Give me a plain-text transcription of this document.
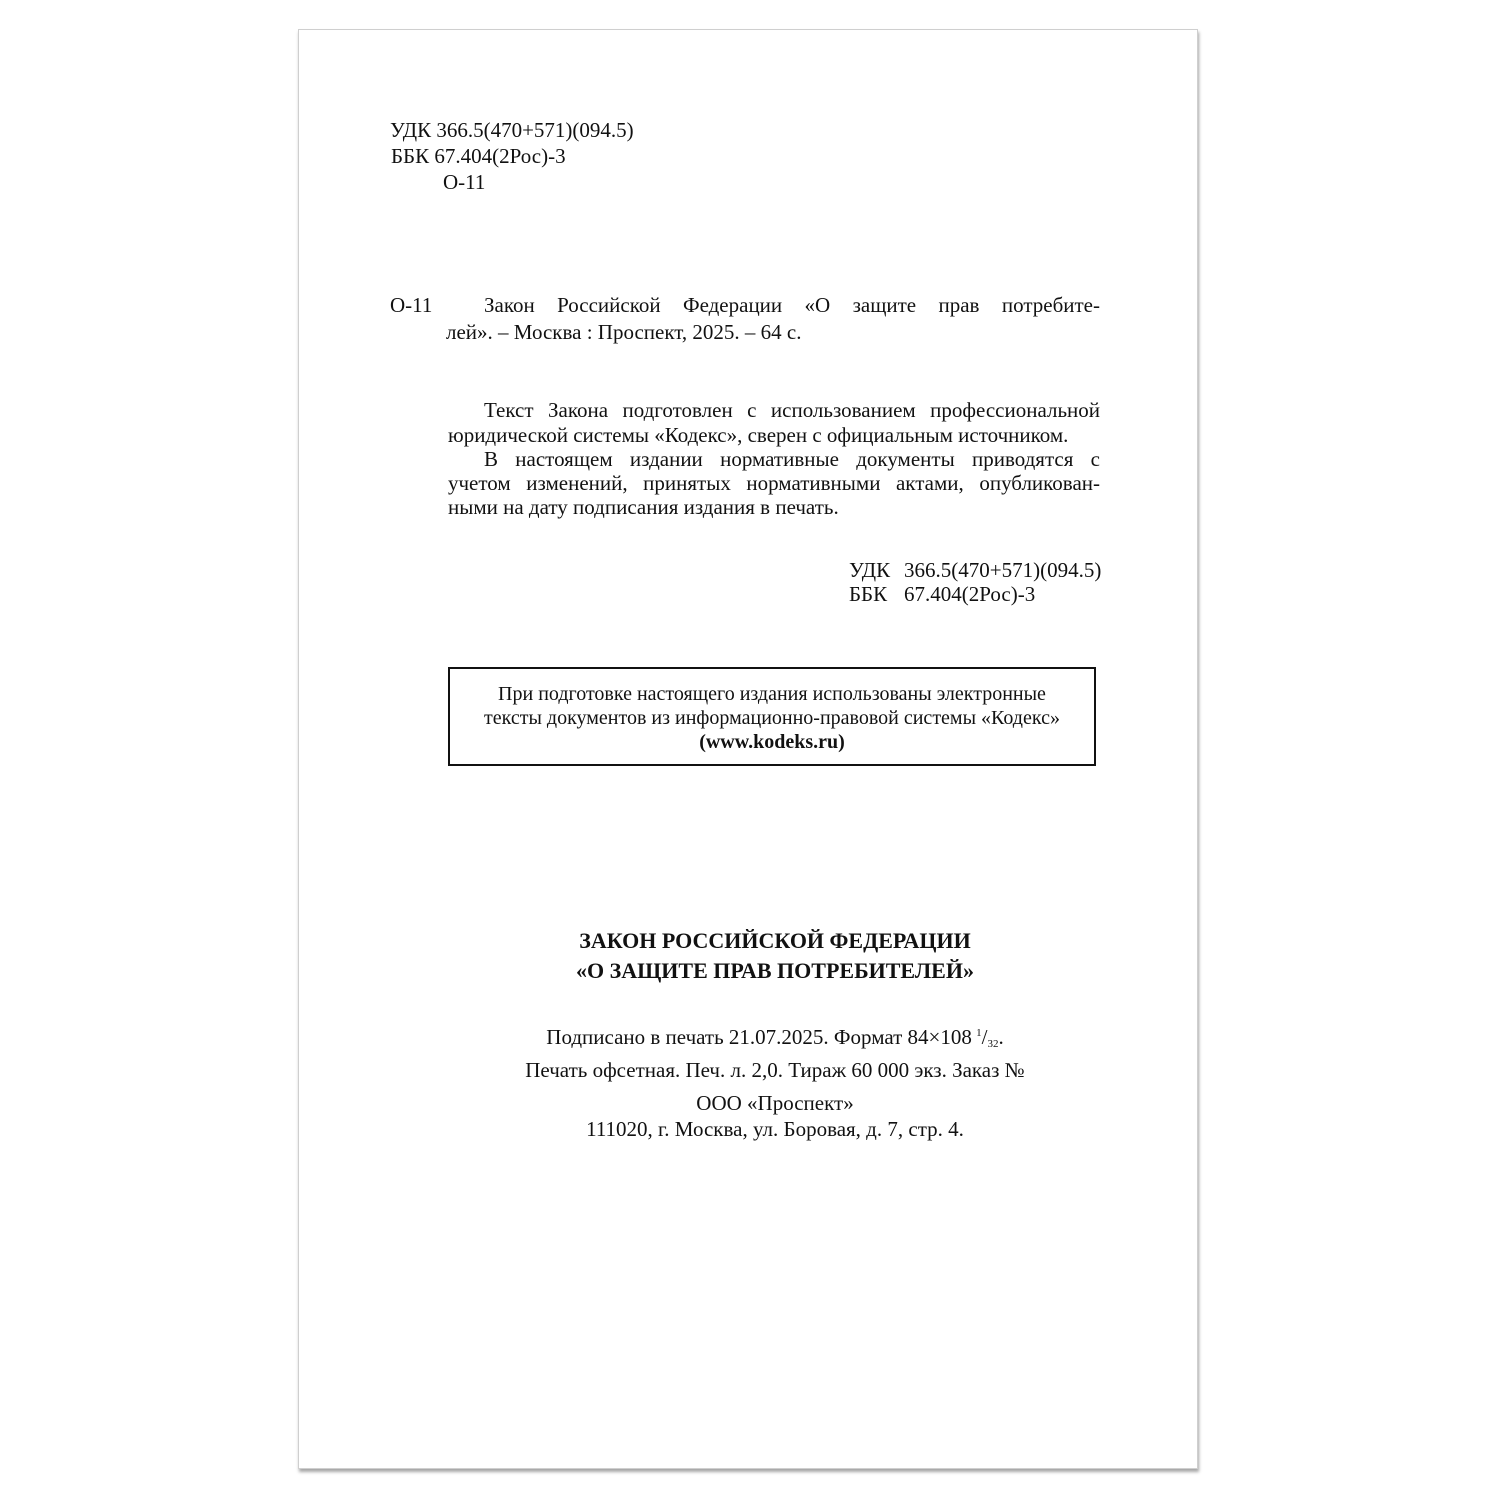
УДК 366.5(470+571)(094.5)

ББК 67.404(2Рос)-3

О-11

О-11 Закон Российской Федерации «О защите прав потребите-

лей». – Москва : Проспект, 2025. – 64 с.

Текст Закона подготовлен с использованием профессиональной
юридической системы «Кодекс», сверен с официальным источником.
В настоящем издании нормативные документы приводятся с
учетом изменений, принятых нормативными актами, опубликован-
ными на дату подписания издания в печать.

УДК 366.5(470+571)(094.5)

ББК 67.404(2Рос)-3

При подготовке настоящего издания использованы электронные
тексты документов из информационно-правовой системы «Кодекс»
(www.kodeks.ru)
ЗАКОН РОССИЙСКОЙ ФЕДЕРАЦИИ
«О ЗАЩИТЕ ПРАВ ПОТРЕБИТЕЛЕЙ»
Подписано в печать 21.07.2025. Формат 84×108  $^1/_{32}$.
Печать офсетная. Печ. л. 2,0. Тираж 60 000 экз. Заказ №
ООО «Проспект»
111020, г. Москва, ул. Боровая, д. 7, стр. 4.
